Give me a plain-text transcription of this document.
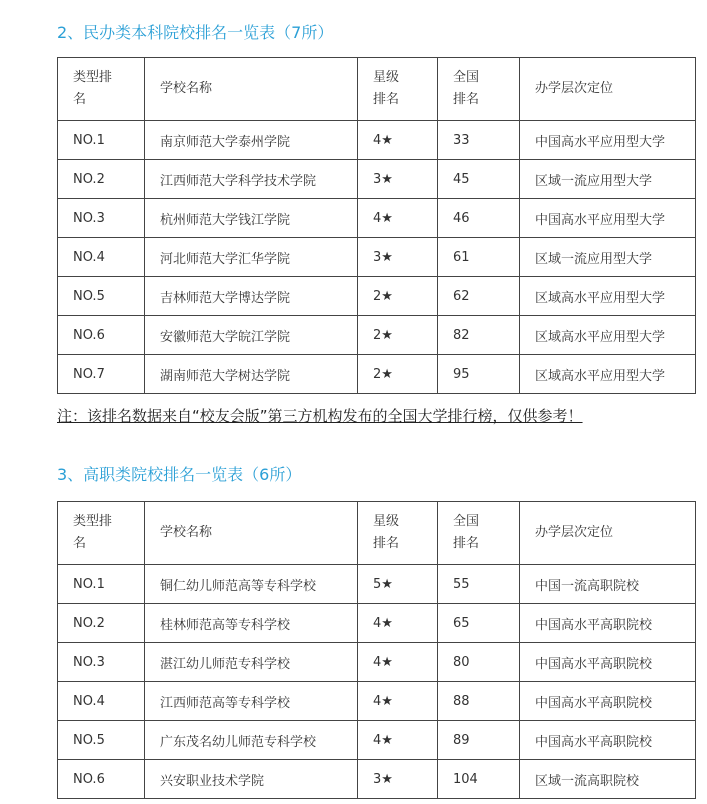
2、民办类本科院校排名一览表（7所）
类型排名	学校名称	星级排名	全国排名	办学层次定位
NO.1	南京师范大学泰州学院	4★	33	中国高水平应用型大学
NO.2	江西师范大学科学技术学院	3★	45	区域一流应用型大学
NO.3	杭州师范大学钱江学院	4★	46	中国高水平应用型大学
NO.4	河北师范大学汇华学院	3★	61	区域一流应用型大学
NO.5	吉林师范大学博达学院	2★	62	区域高水平应用型大学
NO.6	安徽师范大学皖江学院	2★	82	区域高水平应用型大学
NO.7	湖南师范大学树达学院	2★	95	区域高水平应用型大学

注：该排名数据来自“校友会版”第三方机构发布的全国大学排行榜，仅供参考！

3、高职类院校排名一览表（6所）
类型排名	学校名称	星级排名	全国排名	办学层次定位
NO.1	铜仁幼儿师范高等专科学校	5★	55	中国一流高职院校
NO.2	桂林师范高等专科学校	4★	65	中国高水平高职院校
NO.3	湛江幼儿师范专科学校	4★	80	中国高水平高职院校
NO.4	江西师范高等专科学校	4★	88	中国高水平高职院校
NO.5	广东茂名幼儿师范专科学校	4★	89	中国高水平高职院校
NO.6	兴安职业技术学院	3★	104	区域一流高职院校
